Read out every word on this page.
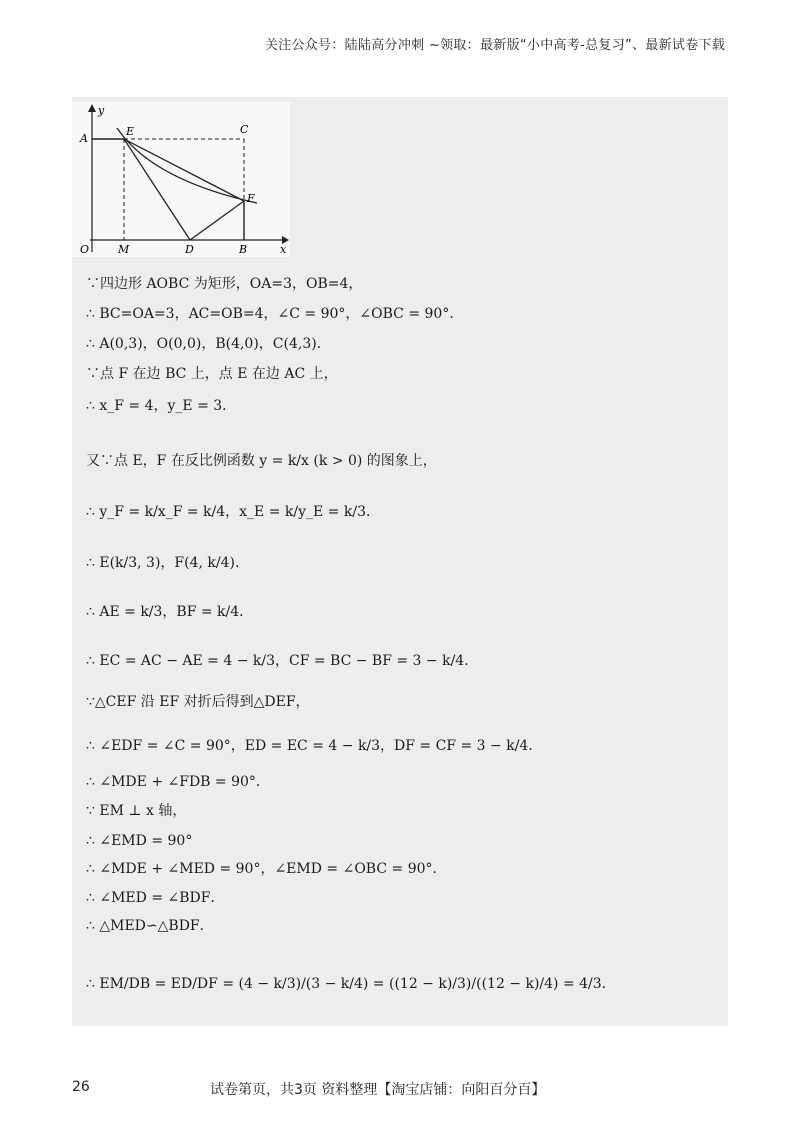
关注公众号：陆陆高分冲刺 ~领取：最新版“小中高考-总复习”、最新试卷下载
A
E	C
F
O	M	D	B	x
y
∵四边形 AOBC 为矩形，OA=3，OB=4，
∴ BC=OA=3，AC=OB=4，∠C = 90°，∠OBC = 90°．
∴ A(0,3)，O(0,0)，B(4,0)，C(4,3)．
∵点 F 在边 BC 上，点 E 在边 AC 上，
∴ x_F = 4，y_E = 3．
又∵点 E，F 在反比例函数 y = k/x (k > 0) 的图象上，
∴ y_F = k/x_F = k/4，x_E = k/y_E = k/3．
∴ E(k/3, 3)，F(4, k/4)．
∴ AE = k/3，BF = k/4．
∴ EC = AC − AE = 4 − k/3，CF = BC − BF = 3 − k/4．
∵△CEF 沿 EF 对折后得到△DEF，
∴ ∠EDF = ∠C = 90°，ED = EC = 4 − k/3，DF = CF = 3 − k/4．
∴ ∠MDE + ∠FDB = 90°．
∵ EM ⊥ x 轴，
∴ ∠EMD = 90°
∴ ∠MDE + ∠MED = 90°，∠EMD = ∠OBC = 90°．
∴ ∠MED = ∠BDF．
∴ △MED∽△BDF．
∴ EM/DB = ED/DF = (4 − k/3)/(3 − k/4) = ((12 − k)/3)/((12 − k)/4) = 4/3．
26	试卷第页，共3页 资料整理【淘宝店铺：向阳百分百】
